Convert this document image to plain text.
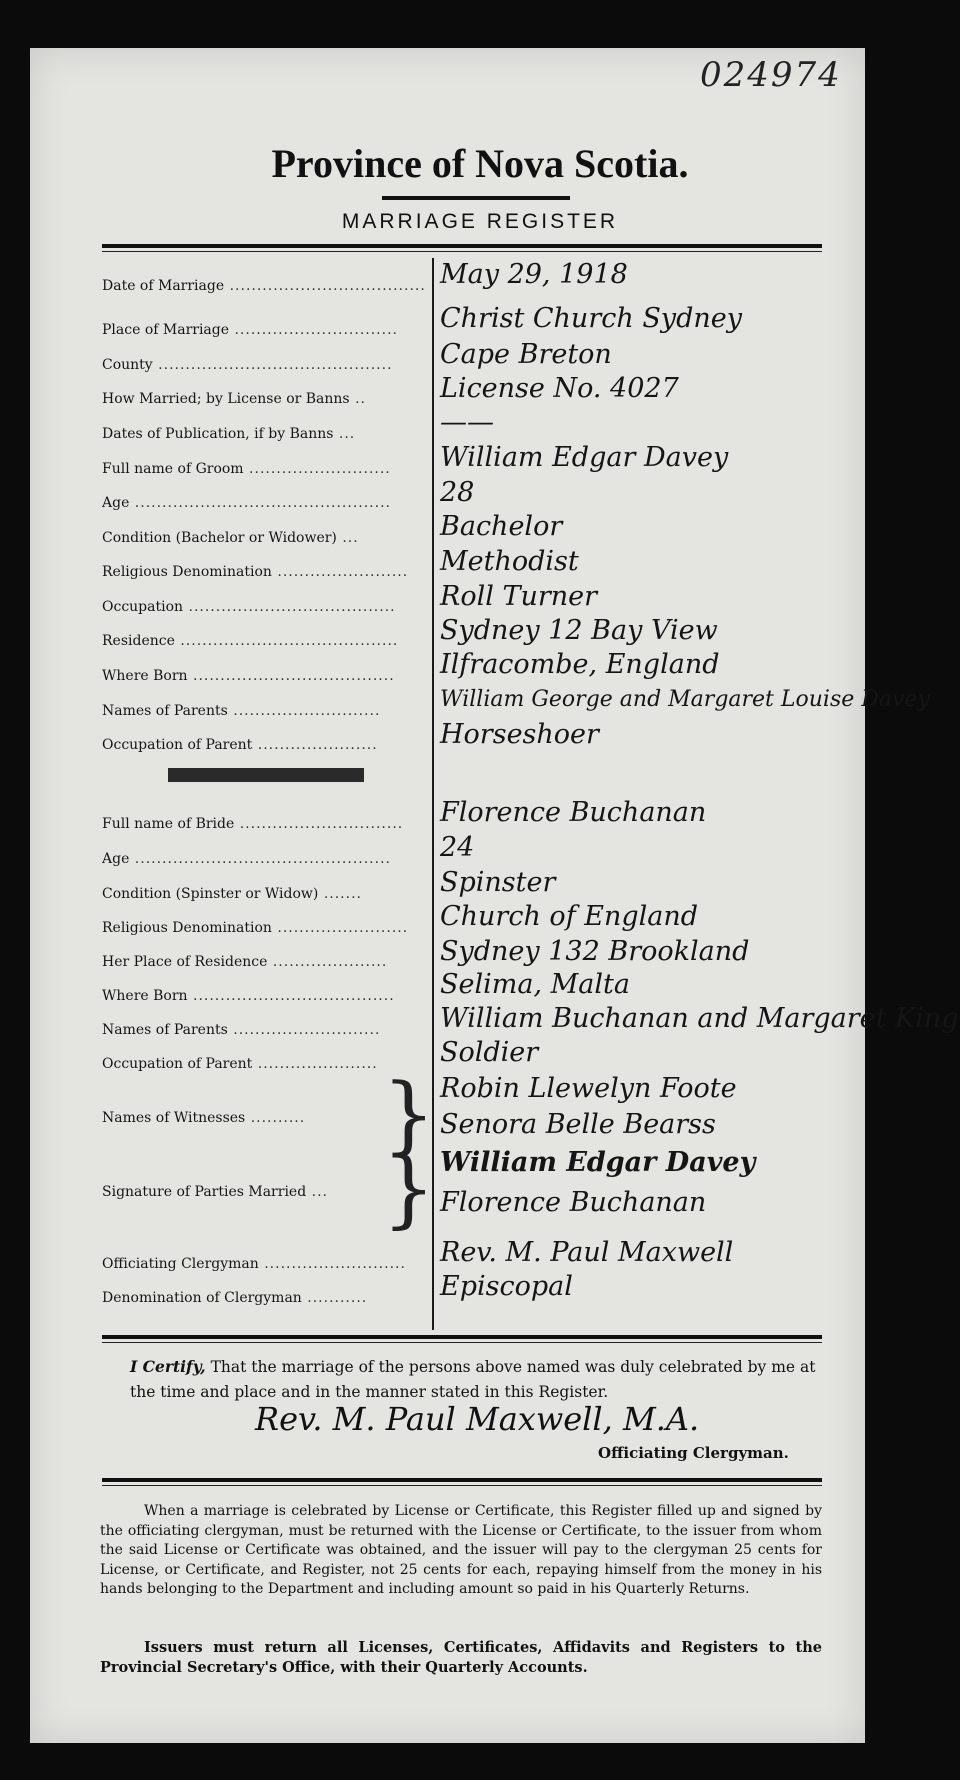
024974
Province of Nova Scotia.
MARRIAGE REGISTER
Date of Marriage .................................... May 29, 1918
Place of Marriage ..............................	Christ Church Sydney
County ...........................................	Cape Breton
How Married; by License or Banns ..	License No. 4027
Dates of Publication, if by Banns ...	——
Full name of Groom ..........................	William Edgar Davey
Age ...............................................	28
Condition (Bachelor or Widower) ...	Bachelor
Religious Denomination ........................	Methodist
Occupation ......................................	Roll Turner
Residence ........................................	Sydney 12 Bay View
Where Born .....................................	Ilfracombe, England
Names of Parents ...........................	William George and Margaret Louise Davey
Occupation of Parent ......................	Horseshoer
Full name of Bride ..............................	Florence Buchanan
Age ...............................................	24
Condition (Spinster or Widow) .......	Spinster
Religious Denomination ........................	Church of England
Her Place of Residence .....................	Sydney 132 Brookland
Where Born .....................................	Selima, Malta
Names of Parents ...........................	William Buchanan and Margaret King
Occupation of Parent ......................	Soldier
Names of Witnesses .......... } Robin Llewelyn Foote
Senora Belle Bearss
Signature of Parties Married ... } William Edgar Davey
Florence Buchanan
Officiating Clergyman ..........................	Rev. M. Paul Maxwell
Denomination of Clergyman ...........	Episcopal
I Certify, That the marriage of the persons above named was duly celebrated by me at the time and place and in the manner stated in this Register.
Rev. M. Paul Maxwell, M.A.
Officiating Clergyman.
When a marriage is celebrated by License or Certificate, this Register filled up and signed by the officiating clergyman, must be returned with the License or Certificate, to the issuer from whom the said License or Certificate was obtained, and the issuer will pay to the clergyman 25 cents for License, or Certificate, and Register, not 25 cents for each, repaying himself from the money in his hands belonging to the Department and including amount so paid in his Quarterly Returns.
Issuers must return all Licenses, Certificates, Affidavits and Registers to the Provincial Secretary's Office, with their Quarterly Accounts.
